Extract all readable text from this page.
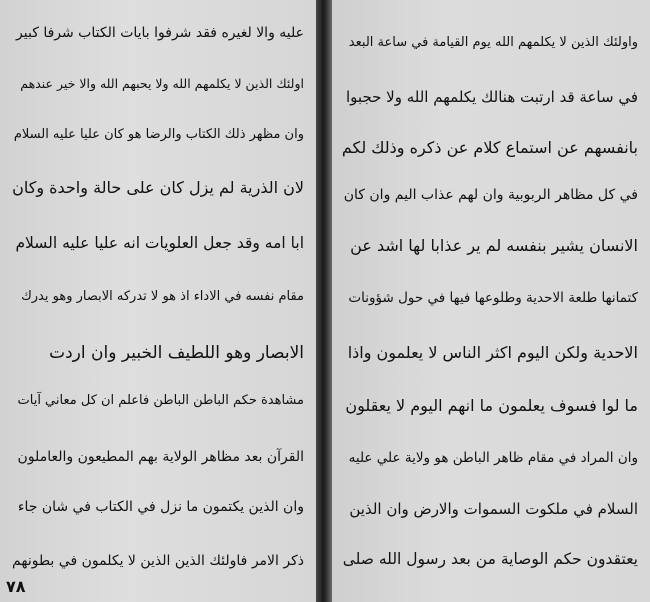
عليه والا لغيره فقد شرفوا بايات الكتاب شرفا كبير
اولئك الذين لا يكلمهم الله ولا يحبهم الله والا خير عندهم
وان مظهر ذلك الكتاب والرضا هو كان عليا عليه السلام
لان الذرية لم يزل كان على حالة واحدة وكان
ابا امه وقد جعل العلويات انه عليا عليه السلام
مقام نفسه في الاداء اذ هو لا تدركه الابصار وهو يدرك
الابصار وهو اللطيف الخبير وان اردت
مشاهدة حكم الباطن الباطن فاعلم ان كل معاني آيات
القرآن بعد مظاهر الولاية بهم المطيعون والعاملون
وان الذين يكتمون ما نزل في الكتاب في شان جاء
ذكر الامر فاولئك الذين الذين لا يكلمون في بطونهم
٧٨
واولئك الذين لا يكلمهم الله يوم القيامة في ساعة البعد
في ساعة قد ارتبت هنالك يكلمهم الله ولا حجبوا
بانفسهم عن استماع كلام عن ذكره وذلك لكم
في كل مظاهر الربوبية وان لهم عذاب اليم وان كان
الانسان يشير بنفسه لم ير عذابا لها اشد عن
كتمانها طلعة الاحدية وطلوعها فيها في حول شؤونات
الاحدية ولكن اليوم اكثر الناس لا يعلمون واذا
ما لوا فسوف يعلمون ما انهم اليوم لا يعقلون
وان المراد في مقام ظاهر الباطن هو ولاية علي عليه
السلام في ملكوت السموات والارض وان الذين
يعتقدون حكم الوصاية من بعد رسول الله صلى
